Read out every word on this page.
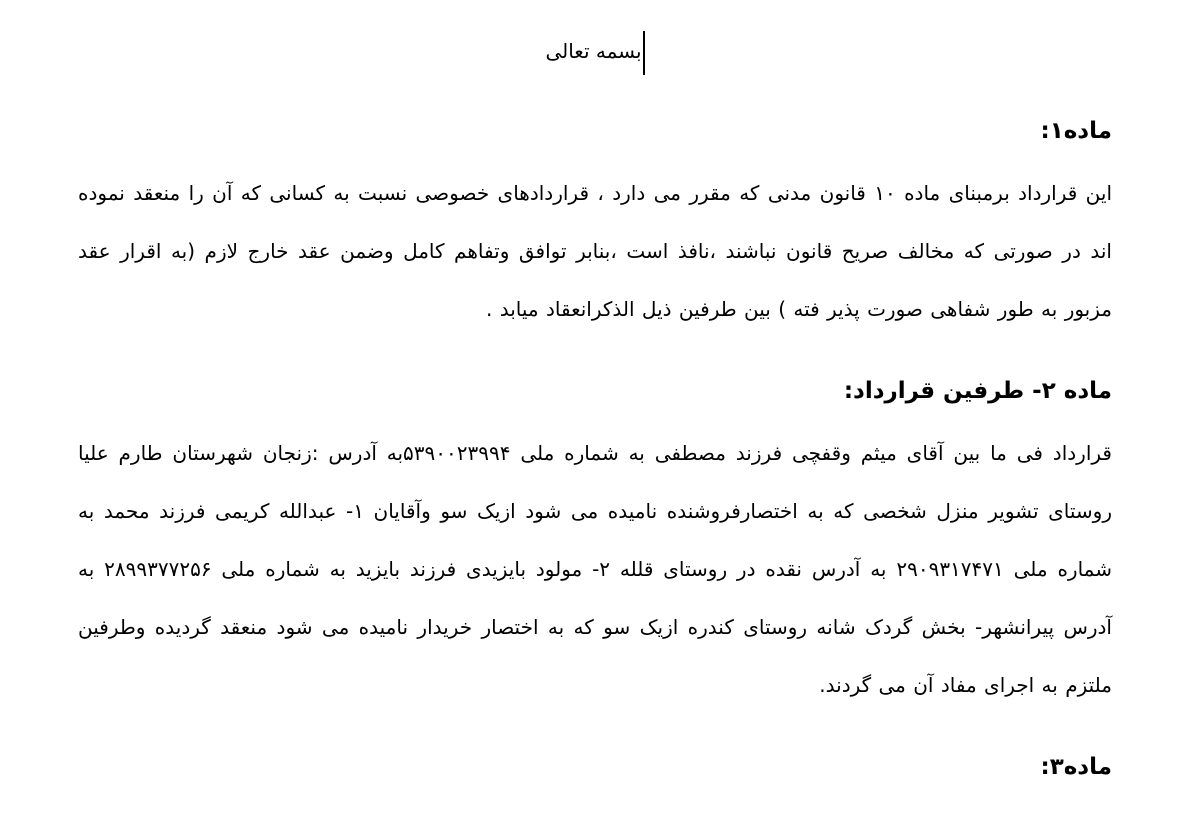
بسمه تعالی
ماده۱:

این قرارداد برمبنای ماده ۱۰ قانون مدنی که مقرر می دارد ، قراردادهای خصوصی نسبت به کسانی که آن را منعقد نموده اند در صورتی که مخالف صریح قانون نباشند ،نافذ است ،بنابر توافق وتفاهم کامل وضمن عقد خارج لازم (به اقرار عقد مزبور به طور شفاهی صورت پذیر فته ) بین طرفین ذیل الذکرانعقاد میابد .

ماده ۲- طرفین قرارداد:

قرارداد فی ما بین آقای میثم وقفچی فرزند مصطفی به شماره ملی ۵۳۹۰۰۲۳۹۹۴به آدرس :زنجان شهرستان طارم علیا روستای تشویر منزل شخصی که به اختصارفروشنده نامیده می شود ازیک سو وآقایان ۱- عبدالله کریمی فرزند محمد به شماره ملی ۲۹۰۹۳۱۷۴۷۱ به آدرس نقده در روستای قلله ۲- مولود بایزیدی فرزند بایزید به شماره ملی ۲۸۹۹۳۷۷۲۵۶ به آدرس پیرانشهر- بخش گردک شانه روستای کندره ازیک سو که به اختصار خریدار نامیده می شود منعقد گردیده وطرفین ملتزم به اجرای مفاد آن می گردند.

ماده۳:
